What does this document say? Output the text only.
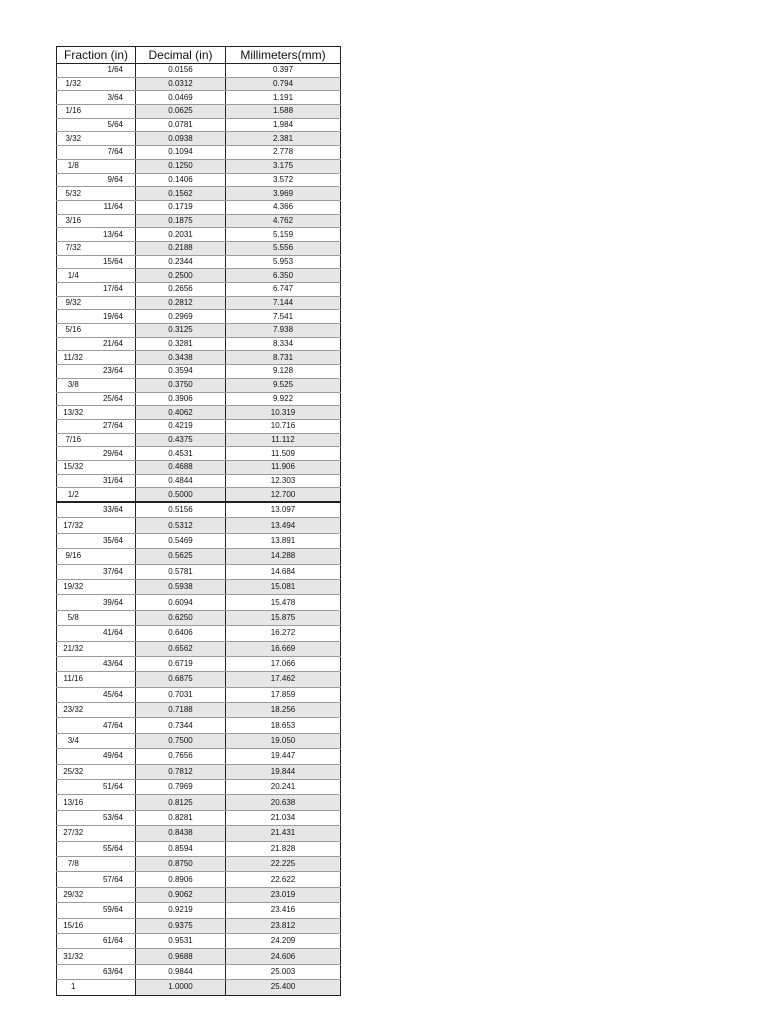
Fraction (in)		Decimal (in)	Millimeters(mm)
	1/64	0.0156	0.397
1/32		0.0312	0.794
	3/64	0.0469	1.191
1/16		0.0625	1.588
	5/64	0.0781	1.984
3/32		0.0938	2.381
	7/64	0.1094	2.778
1/8		0.1250	3.175
	9/64	0.1406	3.572
5/32		0.1562	3.969
	11/64	0.1719	4.366
3/16		0.1875	4.762
	13/64	0.2031	5.159
7/32		0.2188	5.556
	15/64	0.2344	5.953
1/4		0.2500	6.350
	17/64	0.2656	6.747
9/32		0.2812	7.144
	19/64	0.2969	7.541
5/16		0.3125	7.938
	21/64	0.3281	8.334
11/32		0.3438	8.731
	23/64	0.3594	9.128
3/8		0.3750	9.525
	25/64	0.3906	9.922
13/32		0.4062	10.319
	27/64	0.4219	10.716
7/16		0.4375	11.112
	29/64	0.4531	11.509
15/32		0.4688	11.906
	31/64	0.4844	12.303
1/2		0.5000	12.700
	33/64	0.5156	13.097
17/32		0.5312	13.494
	35/64	0.5469	13.891
9/16		0.5625	14.288
	37/64	0.5781	14.684
19/32		0.5938	15.081
	39/64	0.6094	15.478
5/8		0.6250	15.875
	41/64	0.6406	16.272
21/32		0.6562	16.669
	43/64	0.6719	17.066
11/16		0.6875	17.462
	45/64	0.7031	17.859
23/32		0.7188	18.256
	47/64	0.7344	18.653
3/4		0.7500	19.050
	49/64	0.7656	19.447
25/32		0.7812	19.844
	51/64	0.7969	20.241
13/16		0.8125	20.638
	53/64	0.8281	21.034
27/32		0.8438	21.431
	55/64	0.8594	21.828
7/8		0.8750	22.225
	57/64	0.8906	22.622
29/32		0.9062	23.019
	59/64	0.9219	23.416
15/16		0.9375	23.812
	61/64	0.9531	24.209
31/32		0.9688	24.606
	63/64	0.9844	25.003
1		1.0000	25.400
